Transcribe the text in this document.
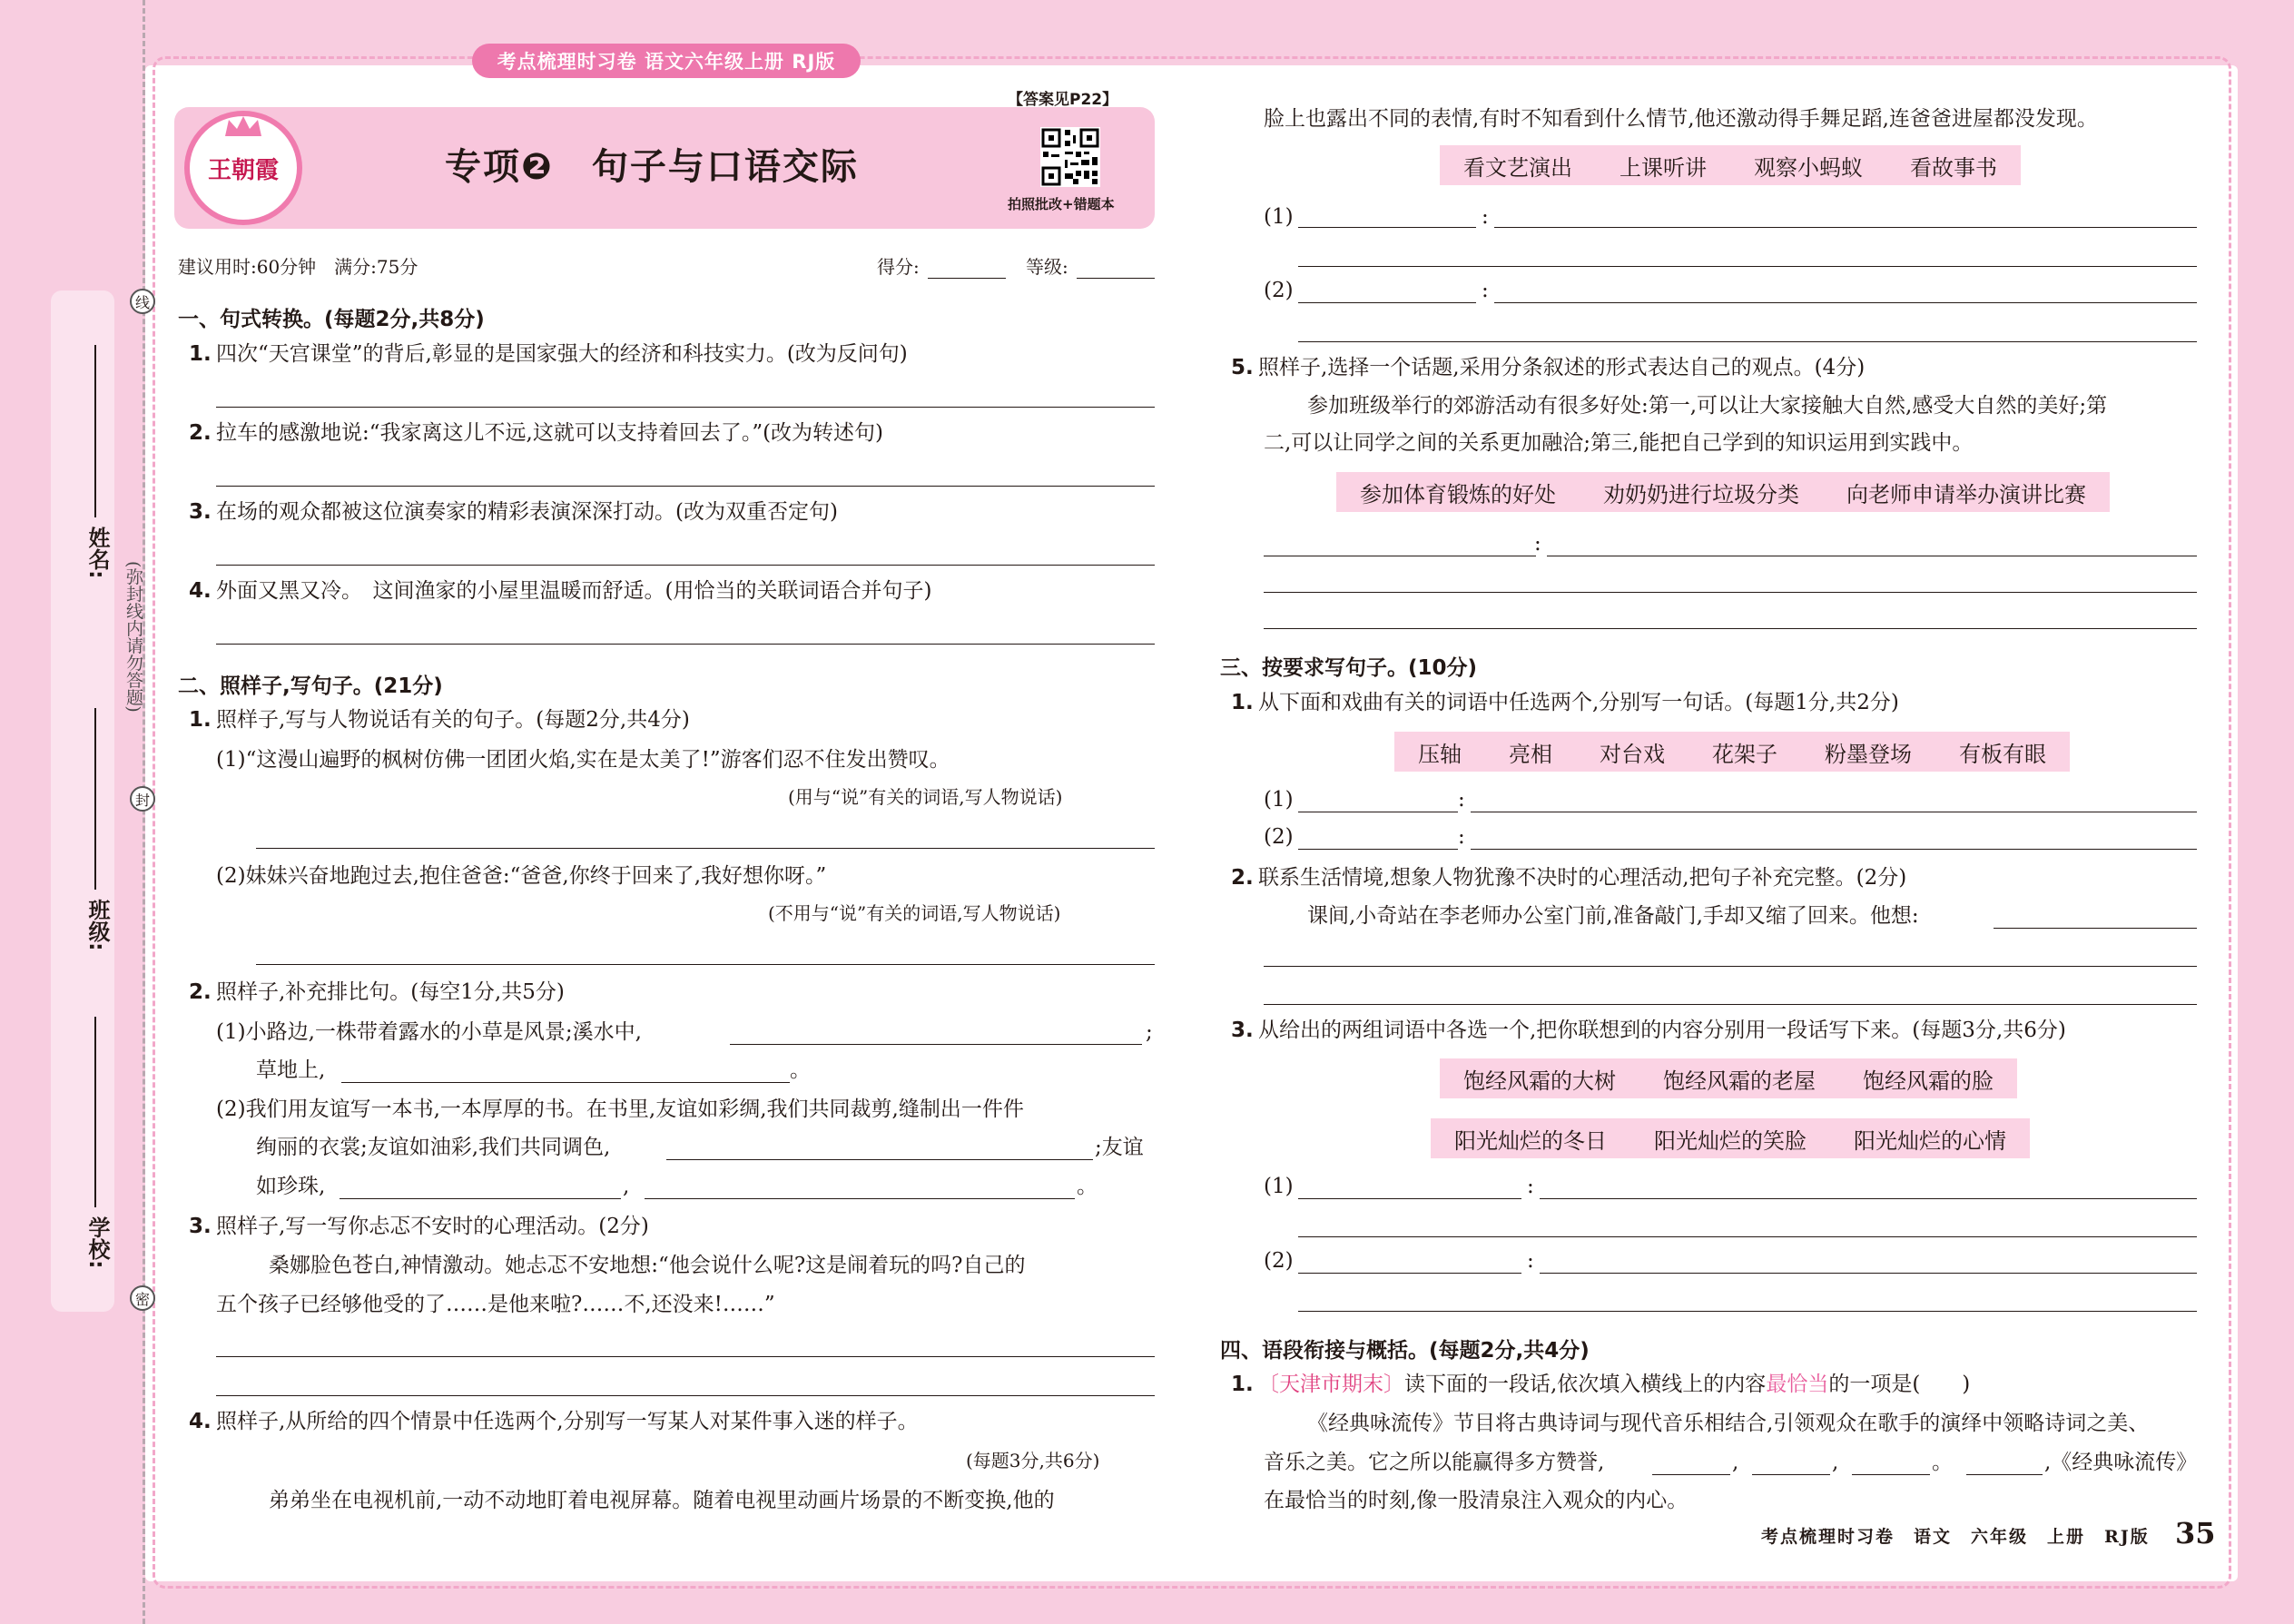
姓名:
班级:
学校:
(弥封线内请勿答题)
线
封
密
考点梳理时习卷 语文六年级上册 RJ版
王朝霞	专项❷　句子与口语交际
【答案见P22】
拍照批改+错题本
建议用时:60分钟　满分:75分	得分:	等级:
一、句式转换。(每题2分,共8分)
1. 四次“天宫课堂”的背后,彰显的是国家强大的经济和科技实力。(改为反问句)
2. 拉车的感激地说:“我家离这儿不远,这就可以支持着回去了。”(改为转述句)
3. 在场的观众都被这位演奏家的精彩表演深深打动。(改为双重否定句)
4. 外面又黑又冷。　这间渔家的小屋里温暖而舒适。(用恰当的关联词语合并句子)
二、照样子,写句子。(21分)
1. 照样子,写与人物说话有关的句子。(每题2分,共4分)
(1)“这漫山遍野的枫树仿佛一团团火焰,实在是太美了!”游客们忍不住发出赞叹。
(用与“说”有关的词语,写人物说话)
(2)妹妹兴奋地跑过去,抱住爸爸:“爸爸,你终于回来了,我好想你呀。”
(不用与“说”有关的词语,写人物说话)
2. 照样子,补充排比句。(每空1分,共5分)
(1)小路边,一株带着露水的小草是风景;溪水中,	;
草地上,	。
(2)我们用友谊写一本书,一本厚厚的书。在书里,友谊如彩绸,我们共同裁剪,缝制出一件件
绚丽的衣裳;友谊如油彩,我们共同调色,	;友谊
如珍珠,	,	。
3. 照样子,写一写你忐忑不安时的心理活动。(2分)
桑娜脸色苍白,神情激动。她忐忑不安地想:“他会说什么呢?这是闹着玩的吗?自己的
五个孩子已经够他受的了……是他来啦?……不,还没来!……”
4. 照样子,从所给的四个情景中任选两个,分别写一写某人对某件事入迷的样子。
(每题3分,共6分)
弟弟坐在电视机前,一动不动地盯着电视屏幕。随着电视里动画片场景的不断变换,他的
脸上也露出不同的表情,有时不知看到什么情节,他还激动得手舞足蹈,连爸爸进屋都没发现。
看文艺演出 上课听讲 观察小蚂蚁 看故事书
(1)	:
(2)	:
5. 照样子,选择一个话题,采用分条叙述的形式表达自己的观点。(4分)
参加班级举行的郊游活动有很多好处:第一,可以让大家接触大自然,感受大自然的美好;第
二,可以让同学之间的关系更加融洽;第三,能把自己学到的知识运用到实践中。
参加体育锻炼的好处 劝奶奶进行垃圾分类 向老师申请举办演讲比赛
:
三、按要求写句子。(10分)
1. 从下面和戏曲有关的词语中任选两个,分别写一句话。(每题1分,共2分)
压轴 亮相 对台戏 花架子 粉墨登场 有板有眼
(1)	:
(2)	:
2. 联系生活情境,想象人物犹豫不决时的心理活动,把句子补充完整。(2分)
课间,小奇站在李老师办公室门前,准备敲门,手却又缩了回来。他想:
3. 从给出的两组词语中各选一个,把你联想到的内容分别用一段话写下来。(每题3分,共6分)
饱经风霜的大树 饱经风霜的老屋 饱经风霜的脸
阳光灿烂的冬日 阳光灿烂的笑脸 阳光灿烂的心情
(1)	:
(2)	:
四、语段衔接与概括。(每题2分,共4分)
1. 〔天津市期末〕读下面的一段话,依次填入横线上的内容最恰当的一项是(　　)
《经典咏流传》节目将古典诗词与现代音乐相结合,引领观众在歌手的演绎中领略诗词之美、
音乐之美。它之所以能赢得多方赞誉,	,	,	。	,《经典咏流传》
在最恰当的时刻,像一股清泉注入观众的内心。
考点梳理时习卷　语文　六年级　上册　RJ版 35
